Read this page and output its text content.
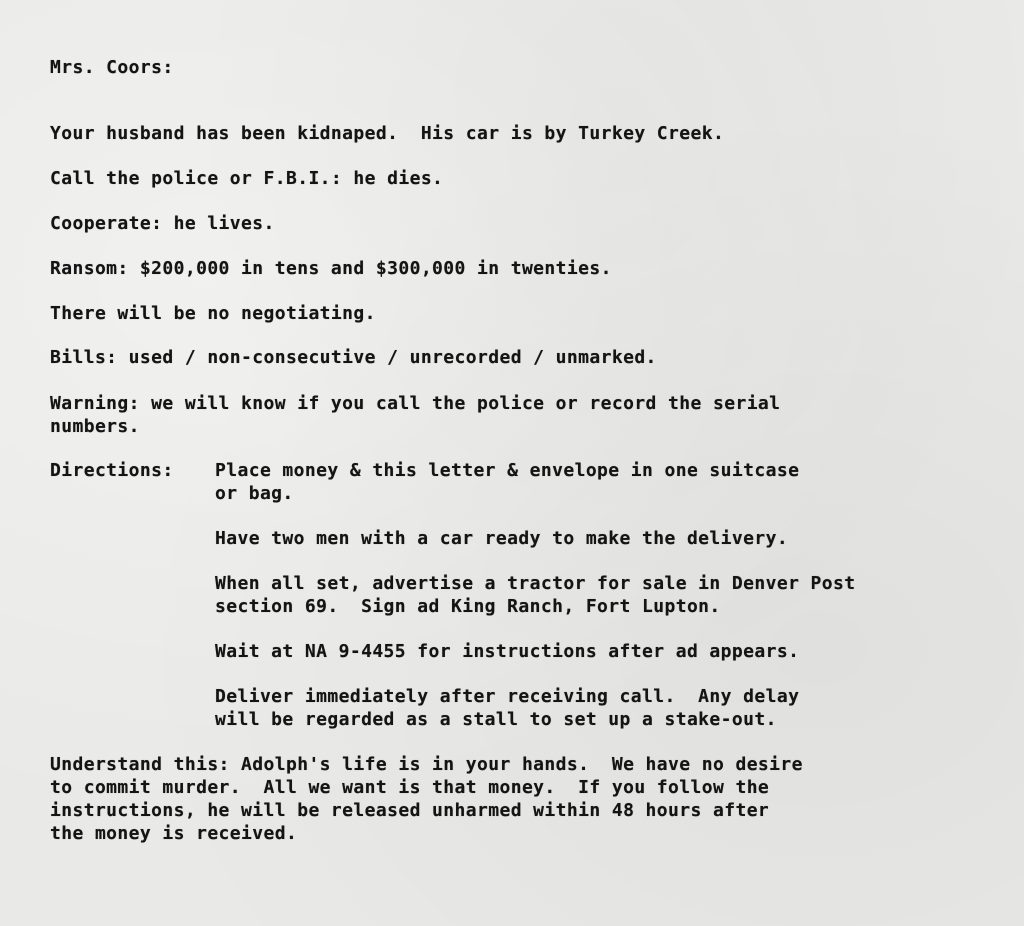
Mrs. Coors:

Your husband has been kidnaped.  His car is by Turkey Creek.

Call the police or F.B.I.: he dies.

Cooperate: he lives.

Ransom: $200,000 in tens and $300,000 in twenties.

There will be no negotiating.

Bills: used / non-consecutive / unrecorded / unmarked.

Warning: we will know if you call the police or record the serial

numbers.

Directions: Place money & this letter & envelope in one suitcase

or bag.

Have two men with a car ready to make the delivery.

When all set, advertise a tractor for sale in Denver Post

section 69.  Sign ad King Ranch, Fort Lupton.

Wait at NA 9-4455 for instructions after ad appears.

Deliver immediately after receiving call.  Any delay

will be regarded as a stall to set up a stake-out.

Understand this: Adolph's life is in your hands.  We have no desire

to commit murder.  All we want is that money.  If you follow the

instructions, he will be released unharmed within 48 hours after

the money is received.
